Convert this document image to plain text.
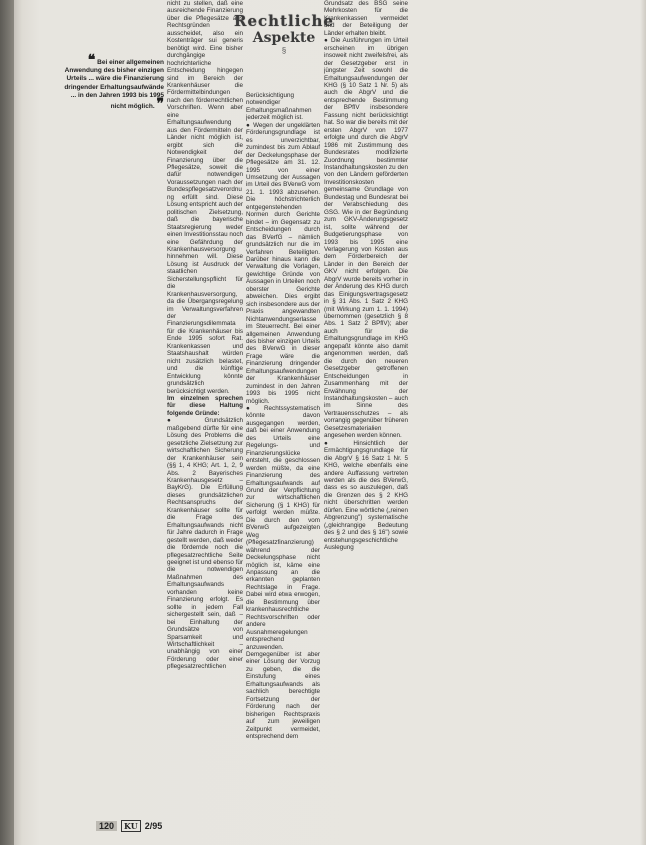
❝ Bei einer allgemeinen Anwendung des bisher einzigen Urteils ... wäre die Finanzierung dringender Erhaltungsaufwände ... in den Jahren 1993 bis 1995 nicht möglich. ❞

nicht zu stellen, daß eine ausreichende Finanzierung über die Pflegesätze aus Rechtsgründen ausscheidet, also ein Kostenträger sui generis benötigt wird. Eine bisher durchgängige hochrichterliche Entscheidung hingegen sind im Bereich der Krankenhäuser die Fördermittelbindungen nach den förderrechtlichen Vorschriften. Wenn aber eine Erhaltungsaufwendung aus den Fördermitteln der Länder nicht möglich ist, ergibt sich die Notwendigkeit der Finanzierung über die Pflegesätze, soweit die dafür notwendigen Voraussetzungen nach der Bundespflegesatzverordnung erfüllt sind. Diese Lösung entspricht auch der politischen Zielsetzung, daß die bayerische Staatsregierung weder einen Investitionsstau noch eine Gefährdung der Krankenhausversorgung hinnehmen will. Diese Lösung ist Ausdruck der staatlichen Sicherstellungspflicht für die Krankenhausversorgung, da die Übergangsregelung im Verwaltungsverfahren der Finanzierungsdilemmata für die Krankenhäuser bis Ende 1995 sofort Rat. Krankenkassen und Staatshaushalt würden nicht zusätzlich belastet, und die künftige Entwicklung könnte grundsätzlich berücksichtigt werden.

Im einzelnen sprechen für diese Haltung folgende Gründe:

● Grundsätzlich maßgebend dürfte für eine Lösung des Problems die gesetzliche Zielsetzung zur wirtschaftlichen Sicherung der Krankenhäuser sein (§§ 1, 4 KHG; Art. 1, 2, 9 Abs. 2 Bayerisches Krankenhausgesetz – BayKrG). Die Erfüllung dieses grundsätzlichen Rechtsanspruchs der Krankenhäuser sollte für die Frage des Erhaltungsaufwands nicht für Jahre dadurch in Frage gestellt werden, daß weder die fördernde noch die pflegesatzrechtliche Seite geeignet ist und ebenso für die notwendigen Maßnahmen des Erhaltungsaufwands vorhanden keine Finanzierung erfolgt. Es sollte in jedem Fall sichergestellt sein, daß – bei Einhaltung der Grundsätze von Sparsamkeit und Wirtschaftlichkeit – unabhängig von einer Förderung oder einer pflegesatzrechtlichen

Rechtliche
Aspekte
§

Berücksichtigung notwendiger Erhaltungsmaßnahmen jederzeit möglich ist.

● Wegen der ungeklärten Förderungsgrundlage ist es unverzichtbar, zumindest bis zum Ablauf der Deckelungsphase der Pflegesätze am 31. 12. 1995 von einer Umsetzung der Aussagen im Urteil des BVerwG vom 21. 1. 1993 abzusehen. Die höchstrichterlich entgegenstehenden Normen durch Gerichte bindet – im Gegensatz zu Entscheidungen durch das BVerfG – nämlich grundsätzlich nur die im Verfahren Beteiligten. Darüber hinaus kann die Verwaltung die Vorlagen, gewichtige Gründe von Aussagen in Urteilen noch oberster Gerichte abweichen. Dies ergibt sich insbesondere aus der Praxis angewandten Nichtanwendungserlasse im Steuerrecht. Bei einer allgemeinen Anwendung des bisher einzigen Urteils des BVerwG in dieser Frage wäre die Finanzierung dringender Erhaltungsaufwendungen der Krankenhäuser zumindest in den Jahren 1993 bis 1995 nicht möglich.

● Rechtssystematisch könnte davon ausgegangen werden, daß bei einer Anwendung des Urteils eine Regelungs- und Finanzierungslücke entsteht, die geschlossen werden müßte, da eine Finanzierung des Erhaltungsaufwands auf Grund der Verpflichtung zur wirtschaftlichen Sicherung (§ 1 KHG) für verfolgt werden müßte. Die durch den vom BVerwG aufgezeigten Weg (Pflegesatzfinanzierung) während der Deckelungsphase nicht möglich ist, käme eine Anpassung an die erkannten geplanten Rechtslage in Frage. Dabei wird etwa erwogen, die Bestimmung über krankenhausrechtliche Rechtsvorschriften oder andere Ausnahmeregelungen entsprechend anzuwenden. Demgegenüber ist aber einer Lösung der Vorzug zu geben, die die Einstufung eines Erhaltungsaufwands als sachlich berechtigte Fortsetzung der Förderung nach der bisherigen Rechtspraxis auf zum jeweiligen Zeitpunkt vermeidet, entsprechend dem

Grundsatz des BSG seine Mehrkosten für die Krankenkassen vermeidet und der Beteiligung der Länder erhalten bleibt.

● Die Ausführungen im Urteil erscheinen im übrigen insoweit nicht zweifelsfrei, als der Gesetzgeber erst in jüngster Zeit sowohl die Erhaltungsaufwendungen der KHG (§ 10 Satz 1 Nr. 5) als auch die AbgrV und die entsprechende Bestimmung der BPflV insbesondere Fassung nicht berücksichtigt hat. So war die bereits mit der ersten AbgrV von 1977 erfolgte und durch die AbgrV 1986 mit Zustimmung des Bundesrates modifizierte Zuordnung bestimmter Instandhaltungskosten zu den von den Ländern geförderten Investitionskosten gemeinsame Grundlage von Bundestag und Bundesrat bei der Verabschiedung des GSG. Wie in der Begründung zum GKV-Änderungsgesetz ist, sollte während der Budgetierungsphase von 1993 bis 1995 eine Verlagerung von Kosten aus dem Förderbereich der Länder in den Bereich der GKV nicht erfolgen. Die AbgrV wurde bereits vorher in der Änderung des KHG durch das Einigungsvertragsgesetz in § 31 Abs. 1 Satz 2 KHG (mit Wirkung zum 1. 1. 1994) übernommen (gesetzlich § 8 Abs. 1 Satz 2 BPflV); aber auch für die Erhaltungsgrundlage im KHG angepaßt könnte also damit angenommen werden, daß die durch den neueren Gesetzgeber getroffenen Entscheidungen in Zusammenhang mit der Erwähnung der Instandhaltungskosten – auch im Sinne des Vertrauensschutzes – als vorrangig gegenüber früheren Gesetzesmaterialien angesehen werden können.

● Hinsichtlich der Ermächtigungsgrundlage für die AbgrV § 16 Satz 1 Nr. 5 KHG, welche ebenfalls eine andere Auffassung vertreten werden als die des BVerwG, dass es so auszulegen, daß die Grenzen des § 2 KHG nicht überschritten werden dürfen. Eine wörtliche („reinen Abgrenzung") systematische („gleichrangige Bedeutung des § 2 und des § 16") sowie entstehungsgeschichtliche Auslegung

120	KU 2/95
